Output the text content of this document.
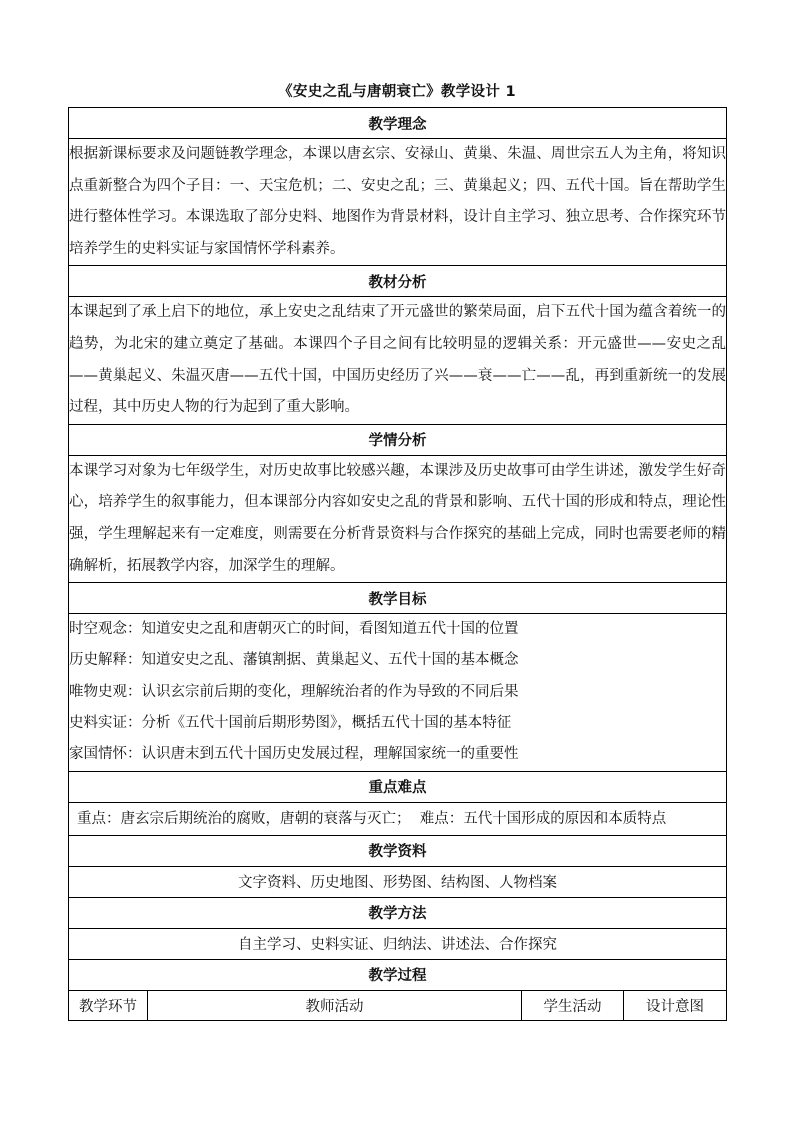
《安史之乱与唐朝衰亡》教学设计 1
教学理念
根据新课标要求及问题链教学理念，本课以唐玄宗、安禄山、黄巢、朱温、周世宗五人为主角，将知识点重新整合为四个子目：一、天宝危机；二、安史之乱；三、黄巢起义；四、五代十国。旨在帮助学生进行整体性学习。本课选取了部分史料、地图作为背景材料，设计自主学习、独立思考、合作探究环节培养学生的史料实证与家国情怀学科素养。
教材分析
本课起到了承上启下的地位，承上安史之乱结束了开元盛世的繁荣局面，启下五代十国为蕴含着统一的趋势，为北宋的建立奠定了基础。本课四个子目之间有比较明显的逻辑关系：开元盛世——安史之乱——黄巢起义、朱温灭唐——五代十国，中国历史经历了兴——衰——亡——乱，再到重新统一的发展过程，其中历史人物的行为起到了重大影响。
学情分析
本课学习对象为七年级学生，对历史故事比较感兴趣，本课涉及历史故事可由学生讲述，激发学生好奇心，培养学生的叙事能力，但本课部分内容如安史之乱的背景和影响、五代十国的形成和特点，理论性强，学生理解起来有一定难度，则需要在分析背景资料与合作探究的基础上完成，同时也需要老师的精确解析，拓展教学内容，加深学生的理解。
教学目标

时空观念：知道安史之乱和唐朝灭亡的时间，看图知道五代十国的位置
历史解释：知道安史之乱、藩镇割据、黄巢起义、五代十国的基本概念
唯物史观：认识玄宗前后期的变化，理解统治者的作为导致的不同后果
史料实证：分析《五代十国前后期形势图》，概括五代十国的基本特征
家国情怀：认识唐末到五代十国历史发展过程，理解国家统一的重要性

重点难点
重点：唐玄宗后期统治的腐败，唐朝的衰落与灭亡；  难点：五代十国形成的原因和本质特点
教学资料
文字资料、历史地图、形势图、结构图、人物档案
教学方法
自主学习、史料实证、归纳法、讲述法、合作探究
教学过程
教学环节	教师活动	学生活动	设计意图
